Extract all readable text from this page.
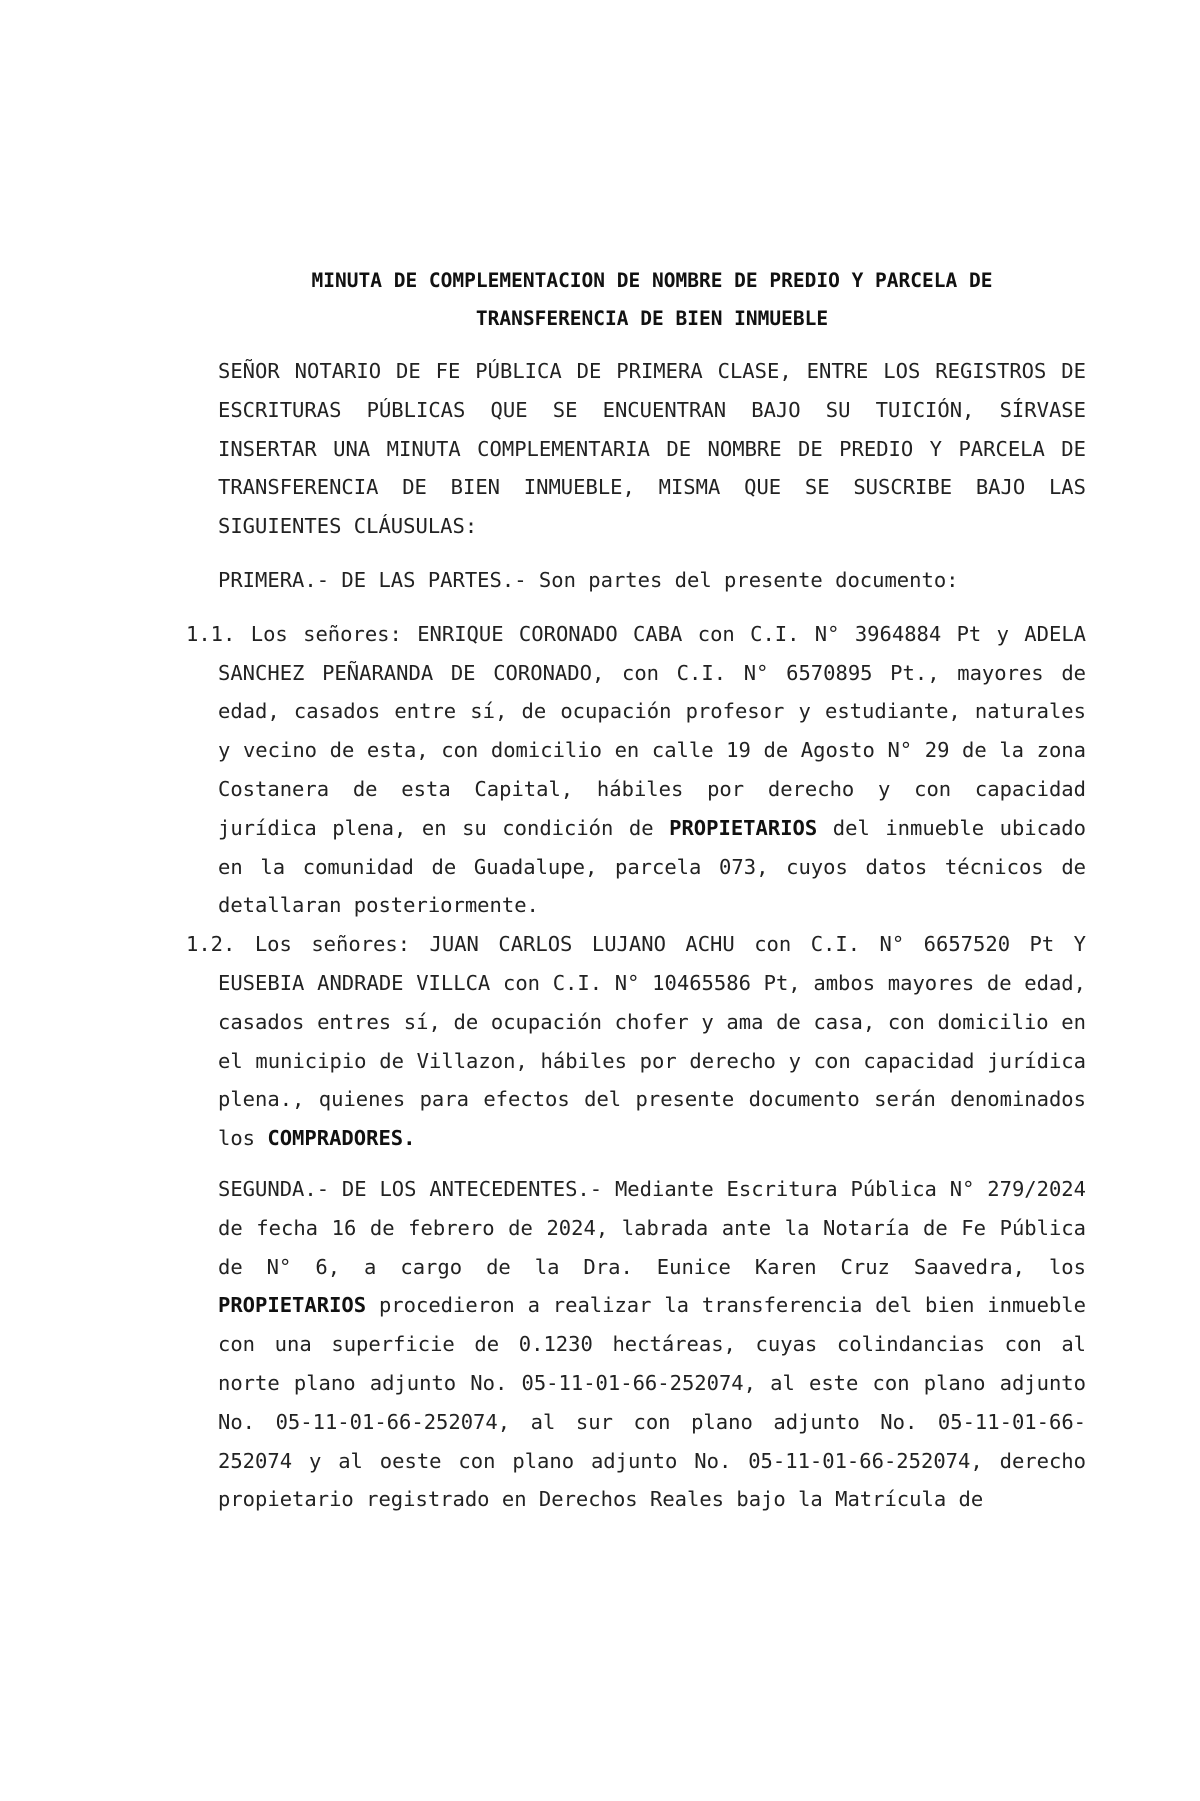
MINUTA DE COMPLEMENTACION DE NOMBRE DE PREDIO Y PARCELA DE
TRANSFERENCIA DE BIEN INMUEBLE

SEÑOR NOTARIO DE FE PÚBLICA DE PRIMERA CLASE, ENTRE LOS REGISTROS DE ESCRITURAS PÚBLICAS QUE SE ENCUENTRAN BAJO SU TUICIÓN, SÍRVASE INSERTAR UNA MINUTA COMPLEMENTARIA DE NOMBRE DE PREDIO Y PARCELA DE TRANSFERENCIA DE BIEN INMUEBLE, MISMA QUE SE SUSCRIBE BAJO LAS SIGUIENTES CLÁUSULAS:

PRIMERA.- DE LAS PARTES.- Son partes del presente documento:

1.1. Los señores: ENRIQUE CORONADO CABA con C.I. N° 3964884 Pt y ADELA SANCHEZ PEÑARANDA DE CORONADO, con C.I. N° 6570895 Pt., mayores de edad, casados entre sí, de ocupación profesor y estudiante, naturales y vecino de esta, con domicilio en calle 19 de Agosto N° 29 de la zona Costanera de esta Capital, hábiles por derecho y con capacidad jurídica plena, en su condición de PROPIETARIOS del inmueble ubicado en la comunidad de Guadalupe, parcela 073, cuyos datos técnicos de detallaran posteriormente.
1.2. Los señores: JUAN CARLOS LUJANO ACHU con C.I. N° 6657520 Pt Y EUSEBIA ANDRADE VILLCA con C.I. N° 10465586 Pt, ambos mayores de edad, casados entres sí, de ocupación chofer y ama de casa, con domicilio en el municipio de Villazon, hábiles por derecho y con capacidad jurídica plena., quienes para efectos del presente documento serán denominados los COMPRADORES.

SEGUNDA.- DE LOS ANTECEDENTES.- Mediante Escritura Pública N° 279/2024 de fecha 16 de febrero de 2024, labrada ante la Notaría de Fe Pública de N° 6, a cargo de la Dra. Eunice Karen Cruz Saavedra, los PROPIETARIOS procedieron a realizar la transferencia del bien inmueble con una superficie de 0.1230 hectáreas, cuyas colindancias con al norte plano adjunto No. 05-11-01-66-252074, al este con plano adjunto No. 05-11-01-66-252074, al sur con plano adjunto No. 05-11-01-66-252074 y al oeste con plano adjunto No. 05-11-01-66-252074, derecho propietario registrado en Derechos Reales bajo la Matrícula de
